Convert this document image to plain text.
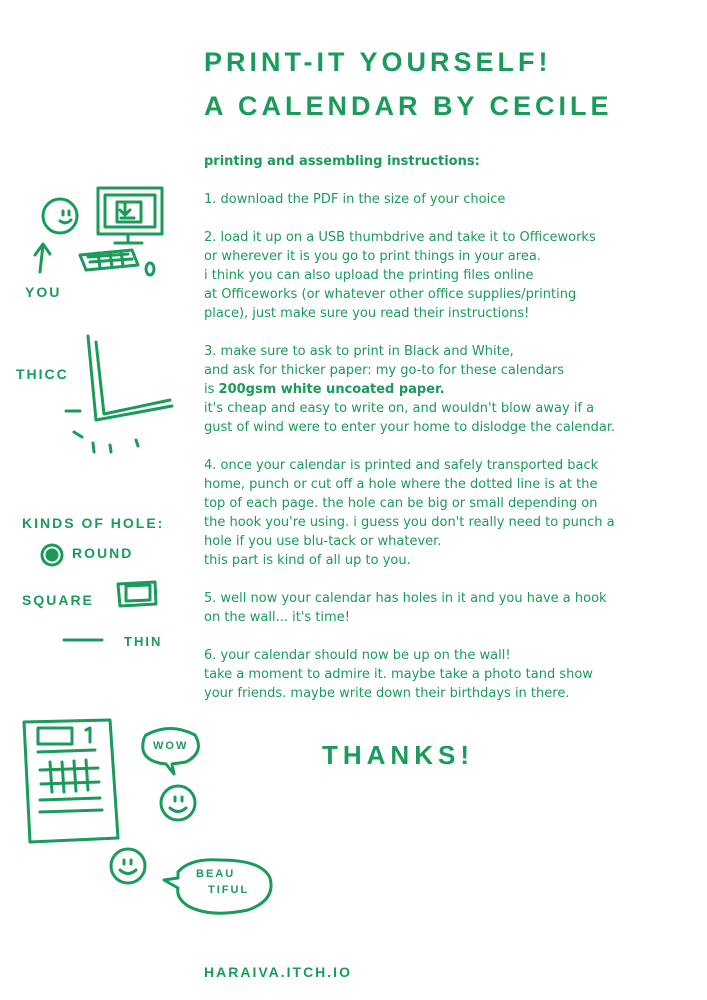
PRINT-IT YOURSELF!
A CALENDAR BY CECILE
printing and assembling instructions:
1. download the PDF in the size of your choice
2. load it up on a USB thumbdrive and take it to Officeworks
or wherever it is you go to print things in your area.
i think you can also upload the printing files online
at Officeworks (or whatever other office supplies/printing
place), just make sure you read their instructions!
3. make sure to ask to print in Black and White,
and ask for thicker paper: my go-to for these calendars
is 200gsm white uncoated paper.
it's cheap and easy to write on, and wouldn't blow away if a
gust of wind were to enter your home to dislodge the calendar.
4. once your calendar is printed and safely transported back
home, punch or cut off a hole where the dotted line is at the
top of each page. the hole can be big or small depending on
the hook you're using. i guess you don't really need to punch a
hole if you use blu-tack or whatever.
this part is kind of all up to you.
5. well now your calendar has holes in it and you have a hook
on the wall... it's time!
6. your calendar should now be up on the wall!
take a moment to admire it. maybe take a photo tand show
your friends. maybe write down their birthdays in there.
YOU
THICC
KINDS OF HOLE:
ROUND
SQUARE
THIN
WOW
BEAU
TIFUL
THANKS!
HARAIVA.ITCH.IO
